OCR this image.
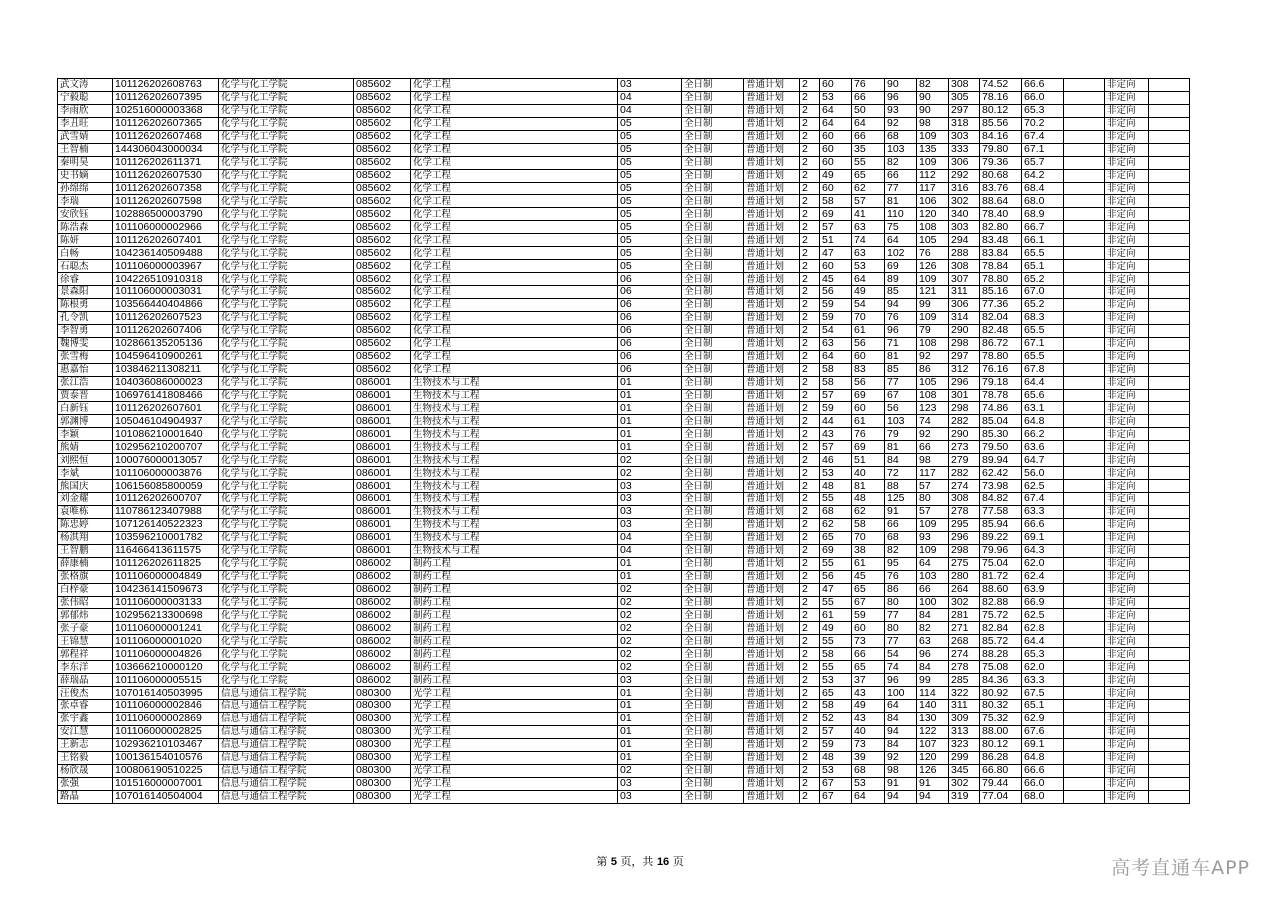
武文涛	101126202608763	化学与化工学院	085602	化学工程	03	全日制	普通计划	2	60	76	90	82	308	74.52	66.6		非定向	
宁毅聪	101126202607395	化学与化工学院	085602	化学工程	04	全日制	普通计划	2	53	66	96	90	305	78.16	66.0		非定向	
李雨欣	102516000003368	化学与化工学院	085602	化学工程	04	全日制	普通计划	2	64	50	93	90	297	80.12	65.3		非定向	
李丑旺	101126202607365	化学与化工学院	085602	化学工程	05	全日制	普通计划	2	64	64	92	98	318	85.56	70.2		非定向	
武雪婧	101126202607468	化学与化工学院	085602	化学工程	05	全日制	普通计划	2	60	66	68	109	303	84.16	67.4		非定向	
王智楠	144306043000034	化学与化工学院	085602	化学工程	05	全日制	普通计划	2	60	35	103	135	333	79.80	67.1		非定向	
秦明昊	101126202611371	化学与化工学院	085602	化学工程	05	全日制	普通计划	2	60	55	82	109	306	79.36	65.7		非定向	
史书嫡	101126202607530	化学与化工学院	085602	化学工程	05	全日制	普通计划	2	49	65	66	112	292	80.68	64.2		非定向	
孙绵绵	101126202607358	化学与化工学院	085602	化学工程	05	全日制	普通计划	2	60	62	77	117	316	83.76	68.4		非定向	
李瑞	101126202607598	化学与化工学院	085602	化学工程	05	全日制	普通计划	2	58	57	81	106	302	88.64	68.0		非定向	
安欣钰	102886500003790	化学与化工学院	085602	化学工程	05	全日制	普通计划	2	69	41	110	120	340	78.40	68.9		非定向	
陈浩森	101106000002966	化学与化工学院	085602	化学工程	05	全日制	普通计划	2	57	63	75	108	303	82.80	66.7		非定向	
陈妍	101126202607401	化学与化工学院	085602	化学工程	05	全日制	普通计划	2	51	74	64	105	294	83.48	66.1		非定向	
白畅	104236140509488	化学与化工学院	085602	化学工程	05	全日制	普通计划	2	47	63	102	76	288	83.84	65.5		非定向	
石聪杰	101106000003967	化学与化工学院	085602	化学工程	05	全日制	普通计划	2	60	53	69	126	308	78.84	65.1		非定向	
徐睿	104226510910318	化学与化工学院	085602	化学工程	06	全日制	普通计划	2	45	64	89	109	307	78.80	65.2		非定向	
景森阳	101106000003031	化学与化工学院	085602	化学工程	06	全日制	普通计划	2	56	49	85	121	311	85.16	67.0		非定向	
陈根勇	103566440404866	化学与化工学院	085602	化学工程	06	全日制	普通计划	2	59	54	94	99	306	77.36	65.2		非定向	
孔令凯	101126202607523	化学与化工学院	085602	化学工程	06	全日制	普通计划	2	59	70	76	109	314	82.04	68.3		非定向	
李智勇	101126202607406	化学与化工学院	085602	化学工程	06	全日制	普通计划	2	54	61	96	79	290	82.48	65.5		非定向	
魏博雯	102866135205136	化学与化工学院	085602	化学工程	06	全日制	普通计划	2	63	56	71	108	298	86.72	67.1		非定向	
张雪梅	104596410900261	化学与化工学院	085602	化学工程	06	全日制	普通计划	2	64	60	81	92	297	78.80	65.5		非定向	
惠嘉怡	103846211308211	化学与化工学院	085602	化学工程	06	全日制	普通计划	2	58	83	85	86	312	76.16	67.8		非定向	
张江浩	104036086000023	化学与化工学院	086001	生物技术与工程	01	全日制	普通计划	2	58	56	77	105	296	79.18	64.4		非定向	
贾泰晋	106976141808466	化学与化工学院	086001	生物技术与工程	01	全日制	普通计划	2	57	69	67	108	301	78.78	65.6		非定向	
白新钰	101126202607601	化学与化工学院	086001	生物技术与工程	01	全日制	普通计划	2	59	60	56	123	298	74.86	63.1		非定向	
郭渊博	105046104904937	化学与化工学院	086001	生物技术与工程	01	全日制	普通计划	2	44	61	103	74	282	85.04	64.8		非定向	
李颖	101086210001640	化学与化工学院	086001	生物技术与工程	01	全日制	普通计划	2	43	76	79	92	290	85.30	66.2		非定向	
熊婧	102956210200707	化学与化工学院	086001	生物技术与工程	01	全日制	普通计划	2	57	69	81	66	273	79.50	63.6		非定向	
刘熙恒	100076000013057	化学与化工学院	086001	生物技术与工程	02	全日制	普通计划	2	46	51	84	98	279	89.94	64.7		非定向	
李斌	101106000003876	化学与化工学院	086001	生物技术与工程	02	全日制	普通计划	2	53	40	72	117	282	62.42	56.0		非定向	
熊国庆	106156085800059	化学与化工学院	086001	生物技术与工程	03	全日制	普通计划	2	48	81	88	57	274	73.98	62.5		非定向	
刘金耀	101126202600707	化学与化工学院	086001	生物技术与工程	03	全日制	普通计划	2	55	48	125	80	308	84.82	67.4		非定向	
袁唯栋	110786123407988	化学与化工学院	086001	生物技术与工程	03	全日制	普通计划	2	68	62	91	57	278	77.58	63.3		非定向	
陈忠婷	107126140522323	化学与化工学院	086001	生物技术与工程	03	全日制	普通计划	2	62	58	66	109	295	85.94	66.6		非定向	
杨淇翔	103596210001782	化学与化工学院	086001	生物技术与工程	04	全日制	普通计划	2	65	70	68	93	296	89.22	69.1		非定向	
王智鹏	116466413611575	化学与化工学院	086001	生物技术与工程	04	全日制	普通计划	2	69	38	82	109	298	79.96	64.3		非定向	
薛康楠	101126202611825	化学与化工学院	086002	制药工程	01	全日制	普通计划	2	55	61	95	64	275	75.04	62.0		非定向	
张格旗	101106000004849	化学与化工学院	086002	制药工程	01	全日制	普通计划	2	56	45	76	103	280	81.72	62.4		非定向	
白梓豪	104236141509673	化学与化工学院	086002	制药工程	02	全日制	普通计划	2	47	65	86	66	264	88.60	63.9		非定向	
张伟昭	101106000003133	化学与化工学院	086002	制药工程	02	全日制	普通计划	2	55	67	80	100	302	82.88	66.9		非定向	
郭郁炜	102956213300698	化学与化工学院	086002	制药工程	02	全日制	普通计划	2	61	59	77	84	281	75.72	62.5		非定向	
张子豪	101106000001241	化学与化工学院	086002	制药工程	02	全日制	普通计划	2	49	60	80	82	271	82.84	62.8		非定向	
王锦慧	101106000001020	化学与化工学院	086002	制药工程	02	全日制	普通计划	2	55	73	77	63	268	85.72	64.4		非定向	
郭程祥	101106000004826	化学与化工学院	086002	制药工程	02	全日制	普通计划	2	58	66	54	96	274	88.28	65.3		非定向	
李东洋	103666210000120	化学与化工学院	086002	制药工程	02	全日制	普通计划	2	55	65	74	84	278	75.08	62.0		非定向	
薛瑞晶	101106000005515	化学与化工学院	086002	制药工程	03	全日制	普通计划	2	53	37	96	99	285	84.36	63.3		非定向	
汪俊杰	107016140503995	信息与通信工程学院	080300	光学工程	01	全日制	普通计划	2	65	43	100	114	322	80.92	67.5		非定向	
张卓睿	101106000002846	信息与通信工程学院	080300	光学工程	01	全日制	普通计划	2	58	49	64	140	311	80.32	65.1		非定向	
张宇鑫	101106000002869	信息与通信工程学院	080300	光学工程	01	全日制	普通计划	2	52	43	84	130	309	75.32	62.9		非定向	
安江慧	101106000002825	信息与通信工程学院	080300	光学工程	01	全日制	普通计划	2	57	40	94	122	313	88.00	67.6		非定向	
王新志	102936210103467	信息与通信工程学院	080300	光学工程	01	全日制	普通计划	2	59	73	84	107	323	80.12	69.1		非定向	
王铭毅	100136154010576	信息与通信工程学院	080300	光学工程	01	全日制	普通计划	2	48	39	92	120	299	86.28	64.8		非定向	
杨欣晟	100806190510225	信息与通信工程学院	080300	光学工程	02	全日制	普通计划	2	53	68	98	126	345	66.80	66.6		非定向	
张强	101516000007001	信息与通信工程学院	080300	光学工程	03	全日制	普通计划	2	67	53	91	91	302	79.44	66.0		非定向	
路晶	107016140504004	信息与通信工程学院	080300	光学工程	03	全日制	普通计划	2	67	64	94	94	319	77.04	68.0		非定向	
第 5 页，共 16 页	高考直通车APP
